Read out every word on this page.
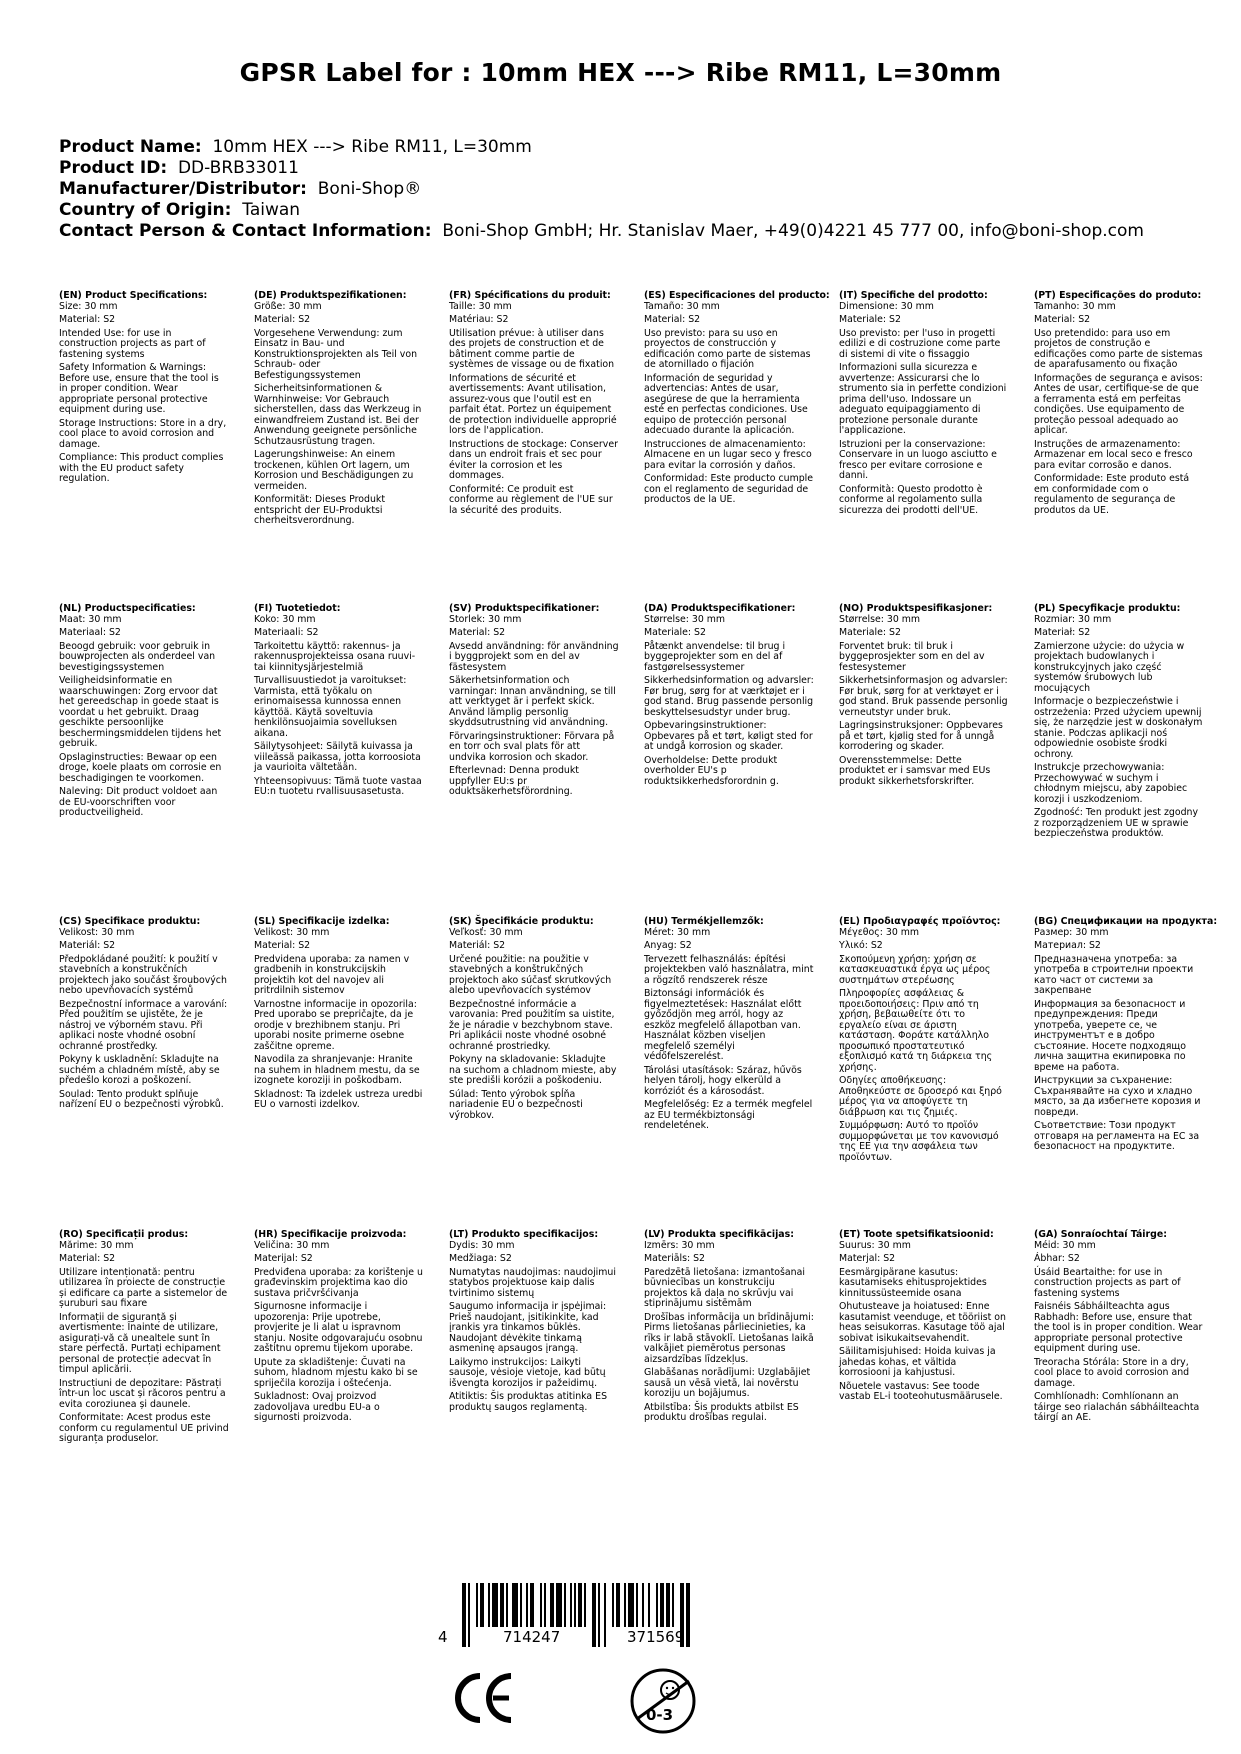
GPSR Label for : 10mm HEX ---> Ribe RM11, L=30mm
Product Name: 10mm HEX ---> Ribe RM11, L=30mm
Product ID: DD-BRB33011
Manufacturer/Distributor: Boni-Shop®
Country of Origin: Taiwan
Contact Person & Contact Information: Boni-Shop GmbH; Hr. Stanislav Maer, +49(0)4221 45 777 00, info@boni-shop.com
(EN) Product Specifications:

Size: 30 mm

Material: S2

Intended Use: for use in construction projects as part of fastening systems

Safety Information & Warnings: Before use, ensure that the tool is in proper condition. Wear appropriate personal protective equipment during use.

Storage Instructions: Store in a dry, cool place to avoid corrosion and damage.

Compliance: This product complies with the EU product safety regulation.

(DE) Produktspezifikationen:

Größe: 30 mm

Material: S2

Vorgesehene Verwendung: zum Einsatz in Bau- und Konstruktionsprojekten als Teil von Schraub- oder Befestigungssystemen

Sicherheitsinformationen & Warnhinweise: Vor Gebrauch sicherstellen, dass das Werkzeug in einwandfreiem Zustand ist. Bei der Anwendung geeignete persönliche Schutzausrüstung tragen.

Lagerungshinweise: An einem trockenen, kühlen Ort lagern, um Korrosion und Beschädigungen zu vermeiden.

Konformität: Dieses Produkt entspricht der EU-Produktsi cherheitsverordnung.

(FR) Spécifications du produit:

Taille: 30 mm

Matériau: S2

Utilisation prévue: à utiliser dans des projets de construction et de bâtiment comme partie de systèmes de vissage ou de fixation

Informations de sécurité et avertissements: Avant utilisation, assurez-vous que l'outil est en parfait état. Portez un équipement de protection individuelle approprié lors de l'application.

Instructions de stockage: Conserver dans un endroit frais et sec pour éviter la corrosion et les dommages.

Conformité: Ce produit est conforme au règlement de l'UE sur la sécurité des produits.

(ES) Especificaciones del producto:

Tamaño: 30 mm

Material: S2

Uso previsto: para su uso en proyectos de construcción y edificación como parte de sistemas de atornillado o fijación

Información de seguridad y advertencias: Antes de usar, asegúrese de que la herramienta esté en perfectas condiciones. Use equipo de protección personal adecuado durante la aplicación.

Instrucciones de almacenamiento: Almacene en un lugar seco y fresco para evitar la corrosión y daños.

Conformidad: Este producto cumple con el reglamento de seguridad de productos de la UE.

(IT) Specifiche del prodotto:

Dimensione: 30 mm

Materiale: S2

Uso previsto: per l'uso in progetti edilizi e di costruzione come parte di sistemi di vite o fissaggio

Informazioni sulla sicurezza e avvertenze: Assicurarsi che lo strumento sia in perfette condizioni prima dell'uso. Indossare un adeguato equipaggiamento di protezione personale durante l'applicazione.

Istruzioni per la conservazione: Conservare in un luogo asciutto e fresco per evitare corrosione e danni.

Conformità: Questo prodotto è conforme al regolamento sulla sicurezza dei prodotti dell'UE.

(PT) Especificações do produto:

Tamanho: 30 mm

Material: S2

Uso pretendido: para uso em projetos de construção e edificações como parte de sistemas de aparafusamento ou fixação

Informações de segurança e avisos: Antes de usar, certifique-se de que a ferramenta está em perfeitas condições. Use equipamento de proteção pessoal adequado ao aplicar.

Instruções de armazenamento: Armazenar em local seco e fresco para evitar corrosão e danos.

Conformidade: Este produto está em conformidade com o regulamento de segurança de produtos da UE.

(NL) Productspecificaties:

Maat: 30 mm

Materiaal: S2

Beoogd gebruik: voor gebruik in bouwprojecten als onderdeel van bevestigingssystemen

Veiligheidsinformatie en waarschuwingen: Zorg ervoor dat het gereedschap in goede staat is voordat u het gebruikt. Draag geschikte persoonlijke beschermingsmiddelen tijdens het gebruik.

Opslaginstructies: Bewaar op een droge, koele plaats om corrosie en beschadigingen te voorkomen.

Naleving: Dit product voldoet aan de EU-voorschriften voor productveiligheid.

(FI) Tuotetiedot:

Koko: 30 mm

Materiaali: S2

Tarkoitettu käyttö: rakennus- ja rakennusprojekteissa osana ruuvi- tai kiinnitysjärjestelmiä

Turvallisuustiedot ja varoitukset: Varmista, että työkalu on erinomaisessa kunnossa ennen käyttöä. Käytä soveltuvia henkilönsuojaimia sovelluksen aikana.

Säilytysohjeet: Säilytä kuivassa ja viileässä paikassa, jotta korroosiota ja vaurioita vältetään.

Yhteensopivuus: Tämä tuote vastaa EU:n tuotetu rvallisuusasetusta.

(SV) Produktspecifikationer:

Storlek: 30 mm

Material: S2

Avsedd användning: för användning i byggprojekt som en del av fästesystem

Säkerhetsinformation och varningar: Innan användning, se till att verktyget är i perfekt skick. Använd lämplig personlig skyddsutrustning vid användning.

Förvaringsinstruktioner: Förvara på en torr och sval plats för att undvika korrosion och skador.

Efterlevnad: Denna produkt uppfyller EU:s pr oduktsäkerhetsförordning.

(DA) Produktspecifikationer:

Størrelse: 30 mm

Materiale: S2

Påtænkt anvendelse: til brug i byggeprojekter som en del af fastgørelsessystemer

Sikkerhedsinformation og advarsler: Før brug, sørg for at værktøjet er i god stand. Brug passende personlig beskyttelsesudstyr under brug.

Opbevaringsinstruktioner: Opbevares på et tørt, køligt sted for at undgå korrosion og skader.

Overholdelse: Dette produkt overholder EU's p roduktsikkerhedsforordnin g.

(NO) Produktspesifikasjoner:

Størrelse: 30 mm

Materiale: S2

Forventet bruk: til bruk i byggeprosjekter som en del av festesystemer

Sikkerhetsinformasjon og advarsler: Før bruk, sørg for at verktøyet er i god stand. Bruk passende personlig verneutstyr under bruk.

Lagringsinstruksjoner: Oppbevares på et tørt, kjølig sted for å unngå korrodering og skader.

Overensstemmelse: Dette produktet er i samsvar med EUs produkt sikkerhetsforskrifter.

(PL) Specyfikacje produktu:

Rozmiar: 30 mm

Materiał: S2

Zamierzone użycie: do użycia w projektach budowlanych i konstrukcyjnych jako część systemów śrubowych lub mocujących

Informacje o bezpieczeństwie i ostrzeżenia: Przed użyciem upewnij się, że narzędzie jest w doskonałym stanie. Podczas aplikacji noś odpowiednie osobiste środki ochrony.

Instrukcje przechowywania: Przechowywać w suchym i chłodnym miejscu, aby zapobiec korozji i uszkodzeniom.

Zgodność: Ten produkt jest zgodny z rozporządzeniem UE w sprawie bezpieczeństwa produktów.

(CS) Specifikace produktu:

Velikost: 30 mm

Materiál: S2

Předpokládané použití: k použití v stavebních a konstrukčních projektech jako součást šroubových nebo upevňovacích systémů

Bezpečnostní informace a varování: Před použitím se ujistěte, že je nástroj ve výborném stavu. Při aplikaci noste vhodné osobní ochranné prostředky.

Pokyny k uskladnění: Skladujte na suchém a chladném místě, aby se předešlo korozi a poškození.

Soulad: Tento produkt splňuje nařízení EU o bezpečnosti výrobků.

(SL) Specifikacije izdelka:

Velikost: 30 mm

Material: S2

Predvidena uporaba: za namen v gradbenih in konstrukcijskih projektih kot del navojev ali pritrdilnih sistemov

Varnostne informacije in opozorila: Pred uporabo se prepričajte, da je orodje v brezhibnem stanju. Pri uporabi nosite primerne osebne zaščitne opreme.

Navodila za shranjevanje: Hranite na suhem in hladnem mestu, da se izognete koroziji in poškodbam.

Skladnost: Ta izdelek ustreza uredbi EU o varnosti izdelkov.

(SK) Špecifikácie produktu:

Veľkosť: 30 mm

Materiál: S2

Určené použitie: na použitie v stavebných a konštrukčných projektoch ako súčasť skrutkových alebo upevňovacích systémov

Bezpečnostné informácie a varovania: Pred použitím sa uistite, že je náradie v bezchybnom stave. Pri aplikácii noste vhodné osobné ochranné prostriedky.

Pokyny na skladovanie: Skladujte na suchom a chladnom mieste, aby ste predišli korózii a poškodeniu.

Súlad: Tento výrobok spĺňa nariadenie EÚ o bezpečnosti výrobkov.

(HU) Termékjellemzők:

Méret: 30 mm

Anyag: S2

Tervezett felhasználás: építési projektekben való használatra, mint a rögzítő rendszerek része

Biztonsági információk és figyelmeztetések: Használat előtt győződjön meg arról, hogy az eszköz megfelelő állapotban van. Használat közben viseljen megfelelő személyi védőfelszerelést.

Tárolási utasítások: Száraz, hűvös helyen tárolj, hogy elkerüld a korróziót és a károsodást.

Megfelelőség: Ez a termék megfelel az EU termékbiztonsági rendeletének.

(EL) Προδιαγραφές προϊόντος:

Μέγεθος: 30 mm

Υλικό: S2

Σκοπούμενη χρήση: χρήση σε κατασκευαστικά έργα ως μέρος συστημάτων στερέωσης

Πληροφορίες ασφάλειας & προειδοποιήσεις: Πριν από τη χρήση, βεβαιωθείτε ότι το εργαλείο είναι σε άριστη κατάσταση. Φοράτε κατάλληλο προσωπικό προστατευτικό εξοπλισμό κατά τη διάρκεια της χρήσης.

Οδηγίες αποθήκευσης: Αποθηκεύστε σε δροσερό και ξηρό μέρος για να αποφύγετε τη διάβρωση και τις ζημιές.

Συμμόρφωση: Αυτό το προϊόν συμμορφώνεται με τον κανονισμό της ΕΕ για την ασφάλεια των προϊόντων.

(BG) Спецификации на продукта:

Размер: 30 mm

Материал: S2

Предназначена употреба: за употреба в строителни проекти като част от системи за закрепване

Информация за безопасност и предупреждения: Преди употреба, уверете се, че инструментът е в добро състояние. Носете подходящо лична защитна екипировка по време на работа.

Инструкции за съхранение: Съхранявайте на сухо и хладно място, за да избегнете корозия и повреди.

Съответствие: Този продукт отговаря на регламента на ЕС за безопасност на продуктите.

(RO) Specificații produs:

Mărime: 30 mm

Material: S2

Utilizare intenționată: pentru utilizarea în proiecte de construcție și edificare ca parte a sistemelor de șuruburi sau fixare

Informații de siguranță și avertismente: Înainte de utilizare, asigurați-vă că unealtele sunt în stare perfectă. Purtați echipament personal de protecție adecvat în timpul aplicării.

Instrucțiuni de depozitare: Păstrați într-un loc uscat și răcoros pentru a evita coroziunea și daunele.

Conformitate: Acest produs este conform cu regulamentul UE privind siguranța produselor.

(HR) Specifikacije proizvoda:

Veličina: 30 mm

Materijal: S2

Predviđena uporaba: za korištenje u građevinskim projektima kao dio sustava pričvršćivanja

Sigurnosne informacije i upozorenja: Prije upotrebe, provjerite je li alat u ispravnom stanju. Nosite odgovarajuću osobnu zaštitnu opremu tijekom uporabe.

Upute za skladištenje: Čuvati na suhom, hladnom mjestu kako bi se spriječila korozija i oštećenja.

Sukladnost: Ovaj proizvod zadovoljava uredbu EU-a o sigurnosti proizvoda.

(LT) Produkto specifikacijos:

Dydis: 30 mm

Medžiaga: S2

Numatytas naudojimas: naudojimui statybos projektuose kaip dalis tvirtinimo sistemų

Saugumo informacija ir įspėjimai: Prieš naudojant, įsitikinkite, kad įrankis yra tinkamos būklės. Naudojant dėvėkite tinkamą asmeninę apsaugos įrangą.

Laikymo instrukcijos: Laikyti sausoje, vėsioje vietoje, kad būtų išvengta korozijos ir pažeidimų.

Atitiktis: Šis produktas atitinka ES produktų saugos reglamentą.

(LV) Produkta specifikācijas:

Izmērs: 30 mm

Materiāls: S2

Paredzētā lietošana: izmantošanai būvniecības un konstrukciju projektos kā daļa no skrūvju vai stiprinājumu sistēmām

Drošības informācija un brīdinājumi: Pirms lietošanas pārliecinieties, ka rīks ir labā stāvoklī. Lietošanas laikā valkājiet piemērotus personas aizsardzības līdzekļus.

Glabāšanas norādījumi: Uzglabājiet sausā un vēsā vietā, lai novērstu koroziju un bojājumus.

Atbilstība: Šis produkts atbilst ES produktu drošības regulai.

(ET) Toote spetsifikatsioonid:

Suurus: 30 mm

Materjal: S2

Eesmärgipärane kasutus: kasutamiseks ehitusprojektides kinnitussüsteemide osana

Ohutusteave ja hoiatused: Enne kasutamist veenduge, et tööriist on heas seisukorras. Kasutage töö ajal sobivat isikukaitsevahendit.

Säilitamisjuhised: Hoida kuivas ja jahedas kohas, et vältida korrosiooni ja kahjustusi.

Nõuetele vastavus: See toode vastab EL-i tooteohutusmäärusele.

(GA) Sonraíochtaí Táirge:

Méid: 30 mm

Ábhar: S2

Úsáid Beartaithe: for use in construction projects as part of fastening systems

Faisnéis Sábháilteachta agus Rabhadh: Before use, ensure that the tool is in proper condition. Wear appropriate personal protective equipment during use.

Treoracha Stórála: Store in a dry, cool place to avoid corrosion and damage.

Comhlíonadh: Comhlíonann an táirge seo rialachán sábháilteachta táirgí an AE.

4	714247	371569
0-3
